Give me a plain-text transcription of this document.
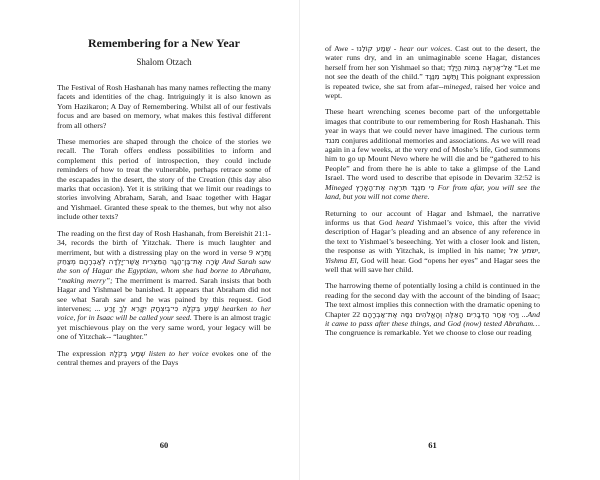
Remembering for a New Year
Shalom Otzach

The Festival of Rosh Hashanah has many names reflecting the many facets and identities of the chag. Intriguingly it is also known as Yom Hazikaron; A Day of Remembering. Whilst all of our festivals focus and are based on memory, what makes this festival different from all others?

These memories are shaped through the choice of the stories we recall. The Torah offers endless possibilities to inform and complement this period of introspection, they could include reminders of how to treat the vulnerable, perhaps retrace some of the escapades in the desert, the story of the Creation (this day also marks that occasion). Yet it is striking that we limit our readings to stories involving Abraham, Sarah, and Isaac together with Hagar and Yishmael. Granted these speak to the themes, but why not also include other texts?

The reading on the first day of Rosh Hashanah, from Bereishit 21:1-34, records the birth of Yitzchak. There is much laughter and merriment, but with a distressing play on the word in verse 9 וַתֵּרֶא שָׂרָה אֶת־בֶּן־הָגָר הַמִּצְרִית אֲשֶׁר־יָלְדָה לְאַבְרָהָם מְצַחֵק And Sarah saw the son of Hagar the Egyptian, whom she had borne to Abraham, “making merry”; The merriment is marred. Sarah insists that both Hagar and Yishmael be banished. It appears that Abraham did not see what Sarah saw and he was pained by this request. God intervenes; ... שְׁמַע בְּקֹלָהּ כִּי־בְיִצְחָק יִקָּרֵא לְךָ זָרַע hearken to her voice, for in Isaac will be called your seed. There is an almost tragic yet mischievous play on the very same word, your legacy will be one of Yitzchak-- “laughter.”

The expression שְׁמַע בְּקֹלָהּ listen to her voice evokes one of the central themes and prayers of the Days

60

of Awe - שְׁמַע קוֹלֵנוּ - hear our voices. Cast out to the desert, the water runs dry, and in an unimaginable scene Hagar, distances herself from her son Yishmael so that; אַל־אֶרְאֶה בְּמוֹת הַיָּלֶד “Let me not see the death of the child.” וַתֵּשֶׁב מִנֶּגֶד This poignant expression is repeated twice, she sat from afar--mineged, raised her voice and wept.

These heart wrenching scenes become part of the unforgettable images that contribute to our remembering for Rosh Hashanah. This year in ways that we could never have imagined. The curious term מנגד conjures additional memories and associations. As we will read again in a few weeks, at the very end of Moshe’s life, God summons him to go up Mount Nevo where he will die and be “gathered to his People” and from there he is able to take a glimpse of the Land Israel. The word used to describe that episode in Devarim 32:52 is Mineged כִּי מִנֶּגֶד תִּרְאֶה אֶת־הָאָרֶץ For from afar, you will see the land, but you will not come there.

Returning to our account of Hagar and Ishmael, the narrative informs us that God heard Yishmael’s voice, this after the vivid description of Hagar’s pleading and an absence of any reference in the text to Yishmael’s beseeching. Yet with a closer look and listen, the response as with Yitzchak, is implied in his name; ישמע אל, Yishma El, God will hear. God “opens her eyes” and Hagar sees the well that will save her child.

The harrowing theme of potentially losing a child is continued in the reading for the second day with the account of the binding of Isaac; The text almost implies this connection with the dramatic opening to Chapter 22 וַיְהִי אַחַר הַדְּבָרִים הָאֵלֶּה וְהָאֱלֹהִים נִסָּה אֶת־אַבְרָהָם ...And it came to pass after these things, and God (now) tested Abraham… The congruence is remarkable. Yet we choose to close our reading

61
